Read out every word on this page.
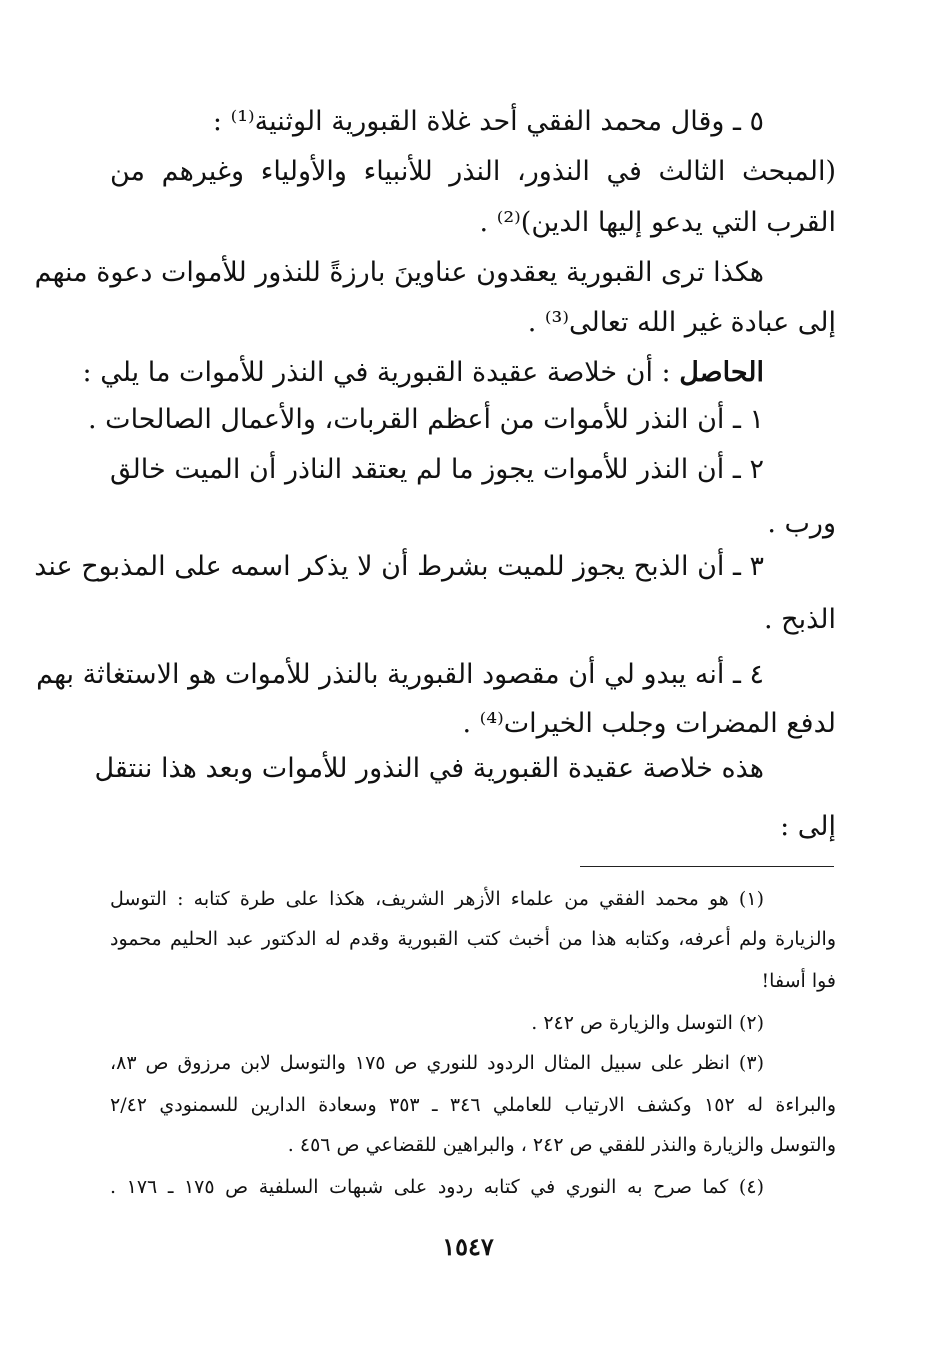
٥ ـ وقال محمد الفقي أحد غلاة القبورية الوثنية⁽¹⁾ :
(المبحث الثالث في النذور، النذر للأنبياء والأولياء وغيرهم من
القرب التي يدعو إليها الدين)⁽²⁾ .
هكذا ترى القبورية يعقدون عناوينَ بارزةً للنذور للأموات دعوة منهم
إلى عبادة غير الله تعالى⁽³⁾ .
الحاصل : أن خلاصة عقيدة القبورية في النذر للأموات ما يلي :
١ ـ أن النذر للأموات من أعظم القربات، والأعمال الصالحات .
٢ ـ أن النذر للأموات يجوز ما لم يعتقد الناذر أن الميت خالق
ورب .
٣ ـ أن الذبح يجوز للميت بشرط أن لا يذكر اسمه على المذبوح عند
الذبح .
٤ ـ أنه يبدو لي أن مقصود القبورية بالنذر للأموات هو الاستغاثة بهم
لدفع المضرات وجلب الخيرات⁽⁴⁾ .
هذه خلاصة عقيدة القبورية في النذور للأموات وبعد هذا ننتقل
إلى :
(١) هو محمد الفقي من علماء الأزهر الشريف، هكذا على طرة كتابه : التوسل
والزيارة ولم أعرفه، وكتابه هذا من أخبث كتب القبورية وقدم له الدكتور عبد الحليم محمود
فوا أسفا!
(٢) التوسل والزيارة ص ٢٤٢ .
(٣) انظر على سبيل المثال الردود للنوري ص ١٧٥ والتوسل لابن مرزوق ص ٨٣،
والبراءة له ١٥٢ وكشف الارتياب للعاملي ٣٤٦ ـ ٣٥٣ وسعادة الدارين للسمنودي ٢/٤٢
والتوسل والزيارة والنذر للفقي ص ٢٤٢ ، والبراهين للقضاعي ص ٤٥٦ .
(٤) كما صرح به النوري في كتابه ردود على شبهات السلفية ص ١٧٥ ـ ١٧٦ .
١٥٤٧
